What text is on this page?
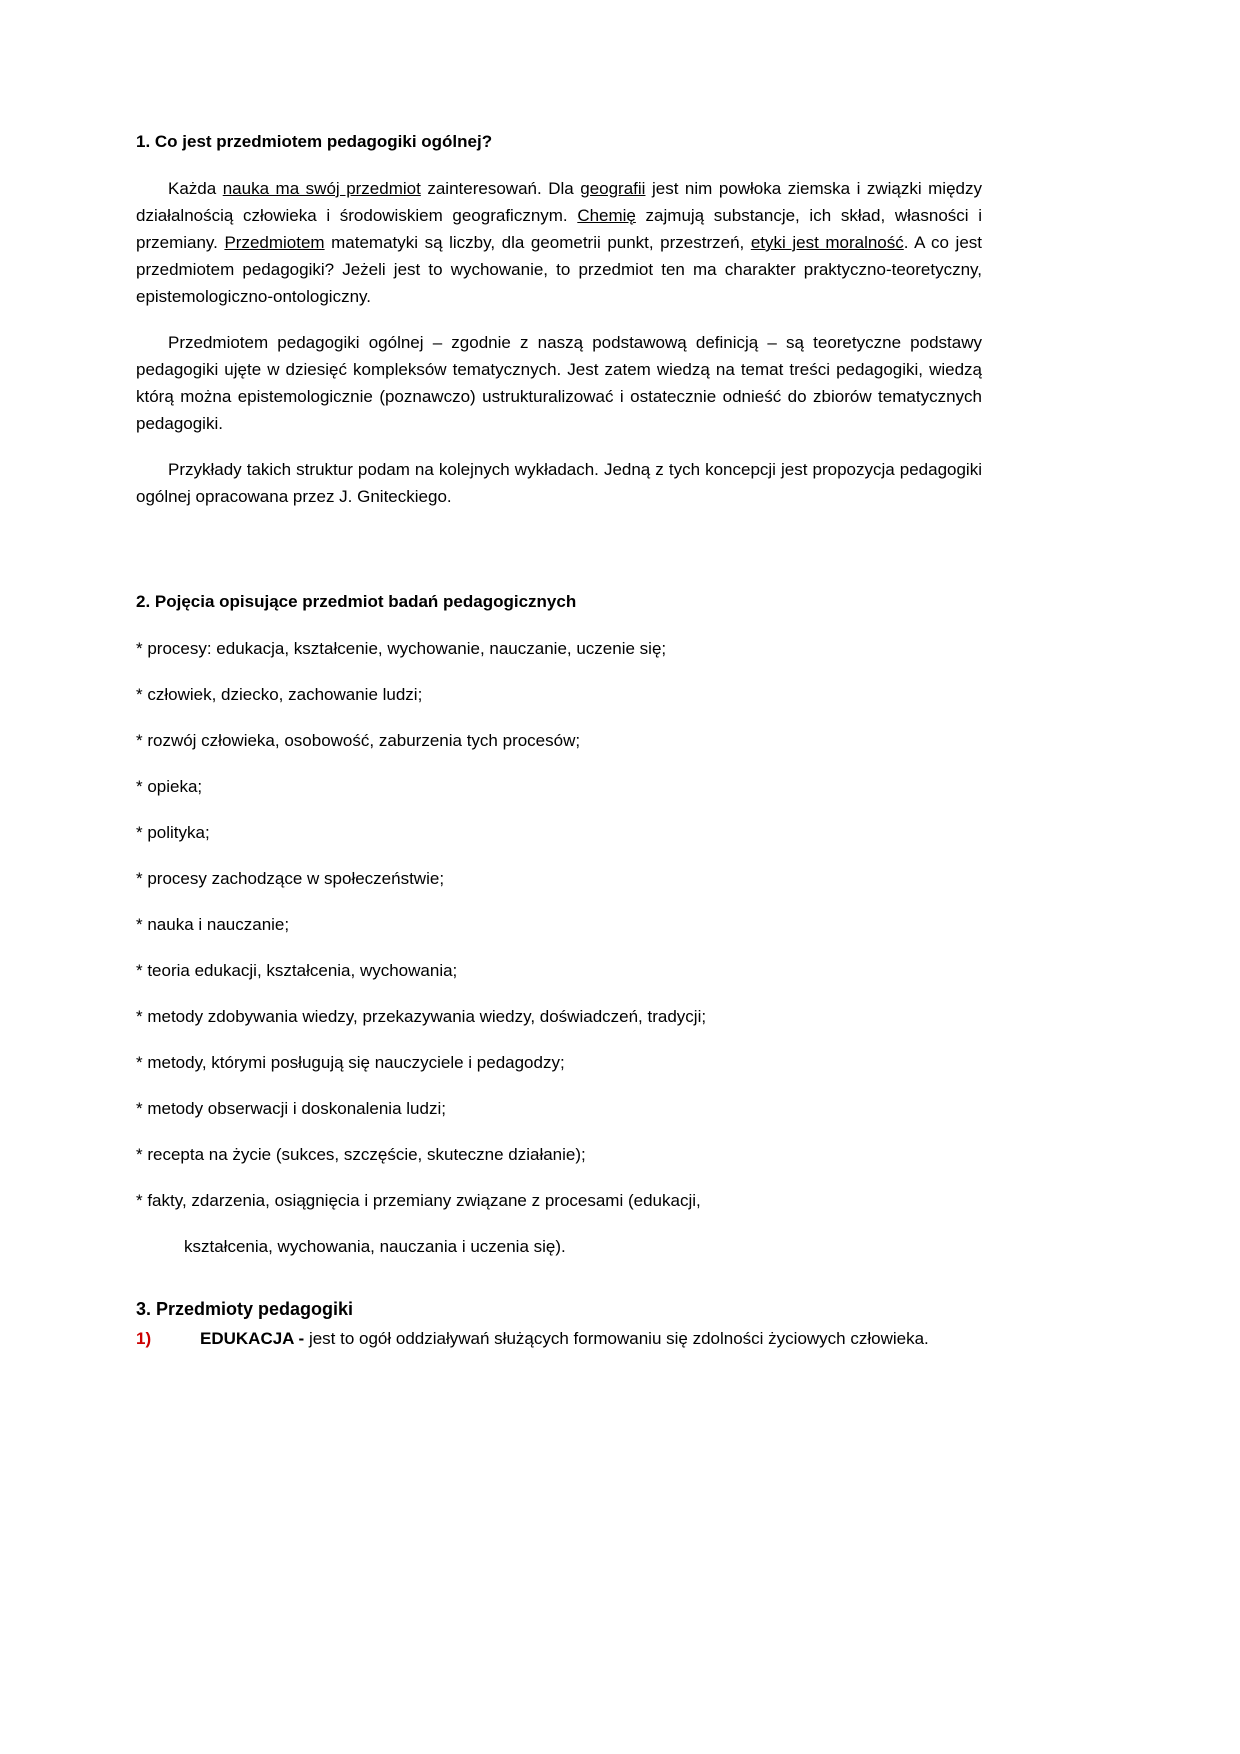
1. Co jest przedmiotem pedagogiki ogólnej?

Każda nauka ma swój przedmiot zainteresowań. Dla geografii jest nim powłoka ziemska i związki między działalnością człowieka i środowiskiem geograficznym. Chemię zajmują substancje, ich skład, własności i przemiany. Przedmiotem matematyki są liczby, dla geometrii punkt, przestrzeń, etyki jest moralność. A co jest przedmiotem pedagogiki? Jeżeli jest to wychowanie, to przedmiot ten ma charakter praktyczno-teoretyczny, epistemologiczno-ontologiczny.

Przedmiotem pedagogiki ogólnej – zgodnie z naszą podstawową definicją – są teoretyczne podstawy pedagogiki ujęte w dziesięć kompleksów tematycznych. Jest zatem wiedzą na temat treści pedagogiki, wiedzą którą można epistemologicznie (poznawczo) ustrukturalizować i ostatecznie odnieść do zbiorów tematycznych pedagogiki.

Przykłady takich struktur podam na kolejnych wykładach. Jedną z tych koncepcji jest propozycja pedagogiki ogólnej opracowana przez J. Gniteckiego.

2. Pojęcia opisujące przedmiot badań pedagogicznych
* procesy: edukacja, kształcenie, wychowanie, nauczanie, uczenie się;
* człowiek, dziecko, zachowanie ludzi;
* rozwój człowieka, osobowość, zaburzenia tych procesów;
* opieka;
* polityka;
* procesy zachodzące w społeczeństwie;
* nauka i nauczanie;
* teoria edukacji, kształcenia, wychowania;
* metody zdobywania wiedzy, przekazywania wiedzy, doświadczeń, tradycji;
* metody, którymi posługują się nauczyciele i pedagodzy;
* metody obserwacji i doskonalenia ludzi;
* recepta na życie (sukces, szczęście, skuteczne działanie);
* fakty, zdarzenia, osiągnięcia i przemiany związane z procesami (edukacji,
kształcenia, wychowania, nauczania i uczenia się).
3. Przedmioty pedagogiki
1)	EDUKACJA - jest to ogół oddziaływań służących formowaniu się zdolności życiowych człowieka.
